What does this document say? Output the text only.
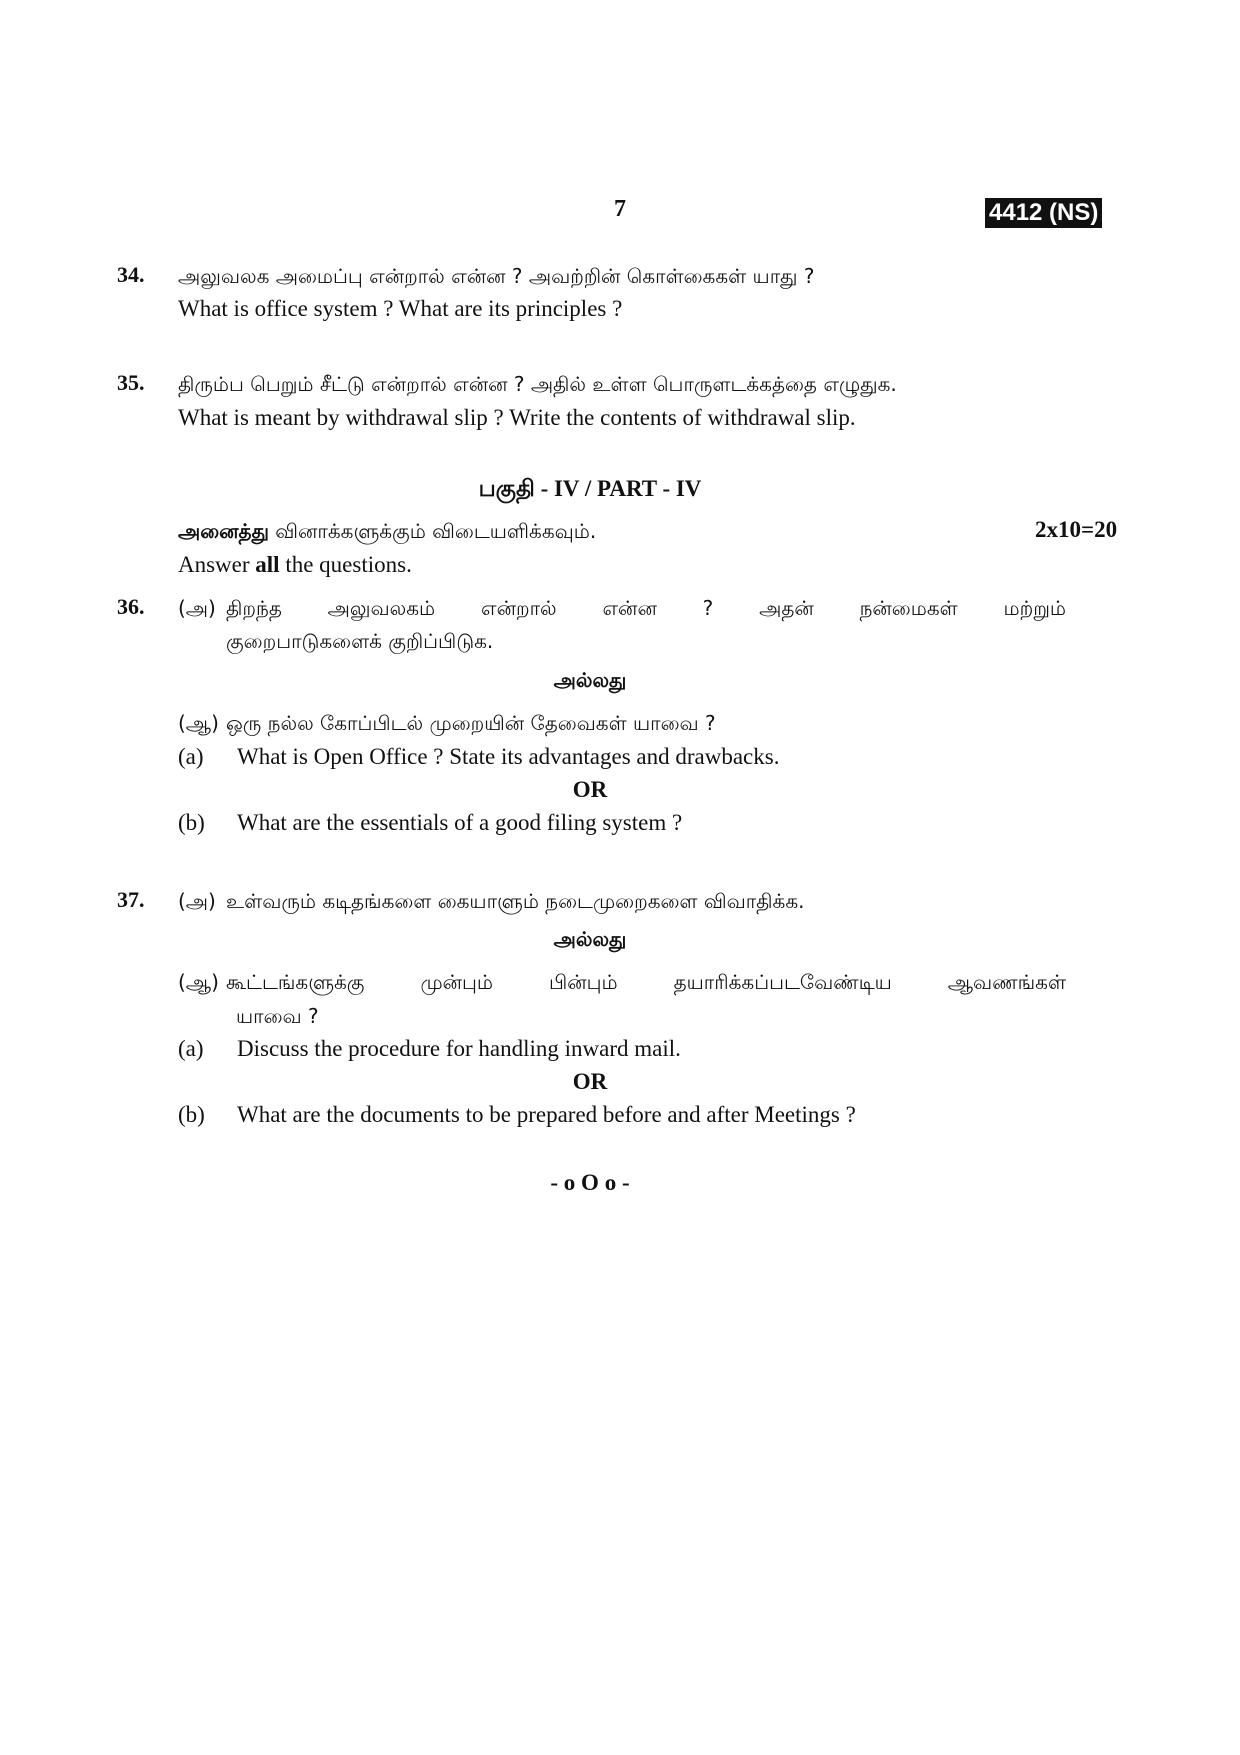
7	4412 (NS)
34. அலுவலக அமைப்பு என்றால் என்ன ? அவற்றின் கொள்கைகள் யாது ?
What is office system ? What are its principles ?
35. திரும்ப பெறும் சீட்டு என்றால் என்ன ? அதில் உள்ள பொருளடக்கத்தை எழுதுக.
What is meant by withdrawal slip ? Write the contents of withdrawal slip.
பகுதி - IV / PART - IV
அனைத்து வினாக்களுக்கும் விடையளிக்கவும்.	2x10=20
Answer all the questions.
36. (அ) திறந்த அலுவலகம் என்றால் என்ன ? அதன் நன்மைகள் மற்றும்
குறைபாடுகளைக் குறிப்பிடுக.
அல்லது
(ஆ) ஒரு நல்ல கோப்பிடல் முறையின் தேவைகள் யாவை ?
(a) What is Open Office ? State its advantages and drawbacks.
OR
(b) What are the essentials of a good filing system ?
37. (அ) உள்வரும் கடிதங்களை கையாளும் நடைமுறைகளை விவாதிக்க.
அல்லது
(ஆ) கூட்டங்களுக்கு முன்பும் பின்பும் தயாரிக்கப்படவேண்டிய ஆவணங்கள்
யாவை ?
(a) Discuss the procedure for handling inward mail.
OR
(b) What are the documents to be prepared before and after Meetings ?
- o O o -
